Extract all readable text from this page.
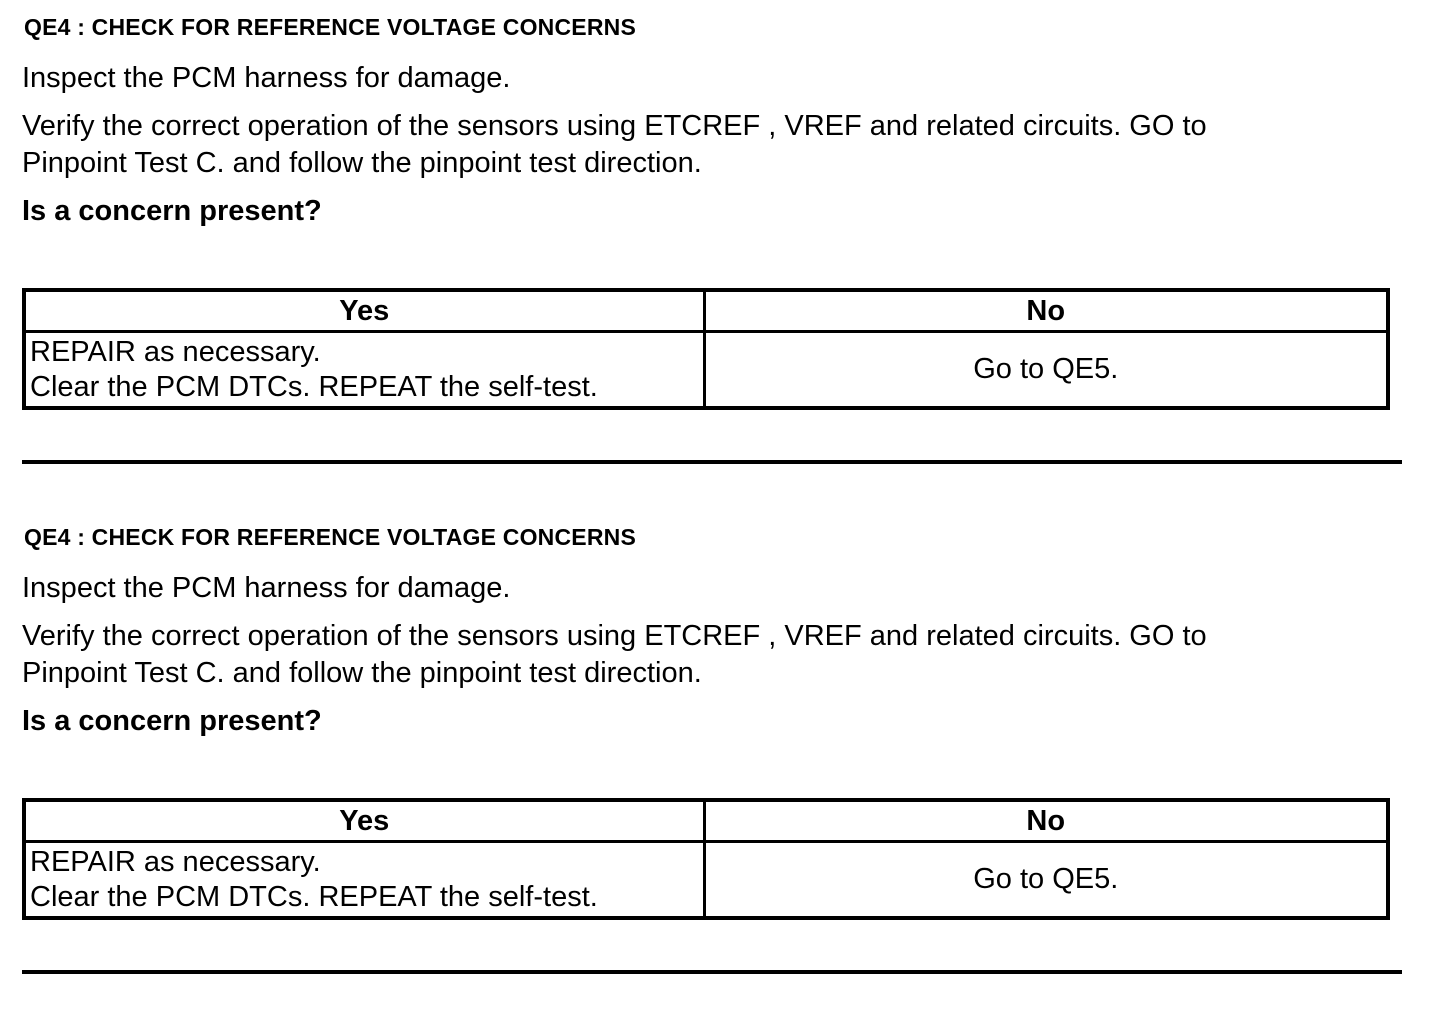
QE4 : CHECK FOR REFERENCE VOLTAGE CONCERNS
Inspect the PCM harness for damage.
Verify the correct operation of the sensors using ETCREF , VREF and related circuits. GO to
Pinpoint Test C. and follow the pinpoint test direction.
Is a concern present?
Yes	No

REPAIR as necessary.
Clear the PCM DTCs. REPEAT the self-test.	Go to QE5.
QE4 : CHECK FOR REFERENCE VOLTAGE CONCERNS
Inspect the PCM harness for damage.
Verify the correct operation of the sensors using ETCREF , VREF and related circuits. GO to
Pinpoint Test C. and follow the pinpoint test direction.
Is a concern present?
Yes	No

REPAIR as necessary.
Clear the PCM DTCs. REPEAT the self-test.	Go to QE5.
